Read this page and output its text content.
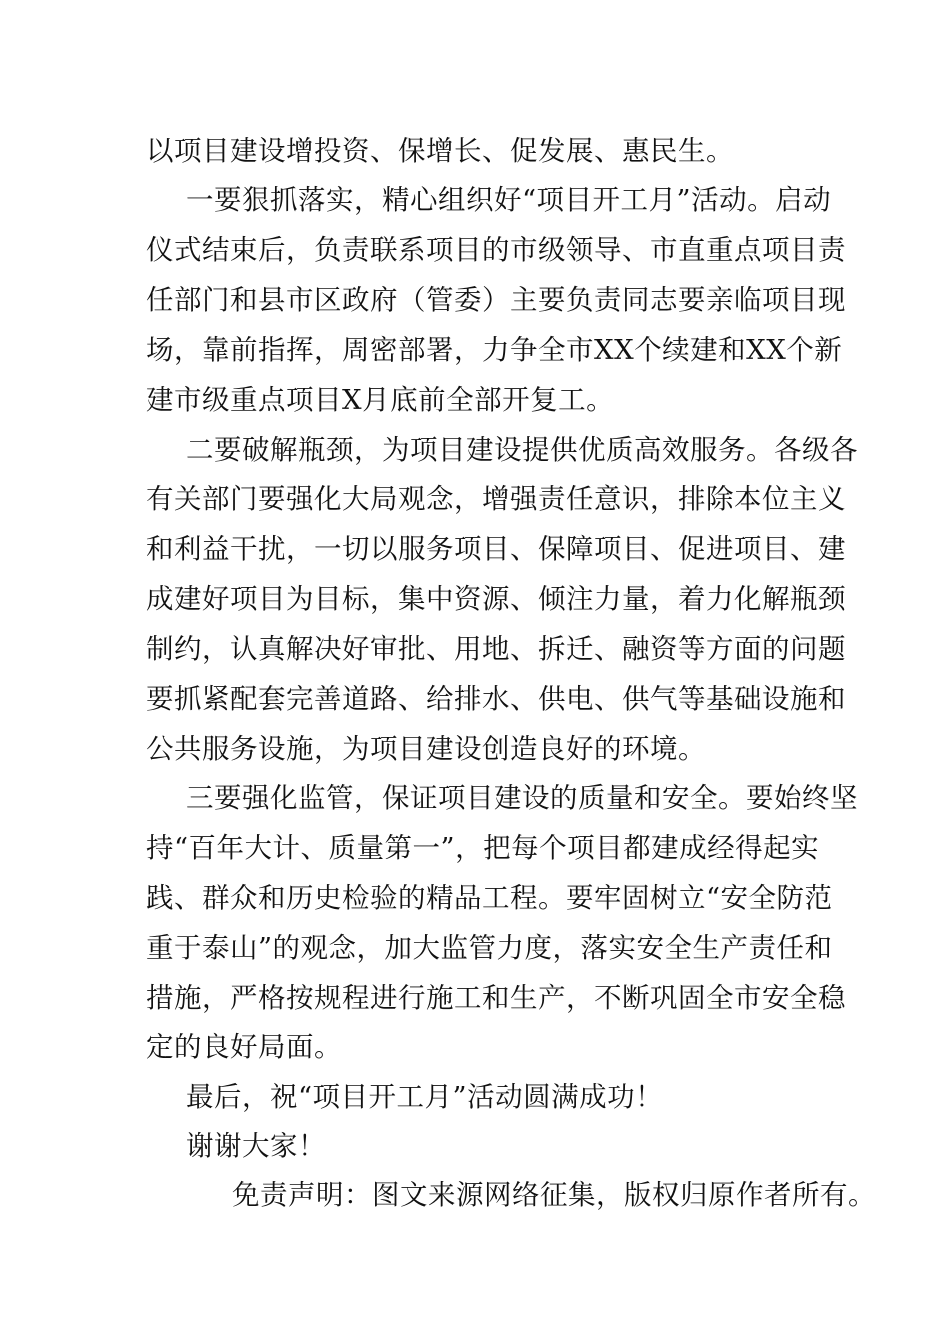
以项目建设增投资、保增长、促发展、惠民生。

一要狠抓落实，精心组织好“项目开工月”活动。启动

仪式结束后，负责联系项目的市级领导、市直重点项目责

任部门和县市区政府（管委）主要负责同志要亲临项目现

场，靠前指挥，周密部署，力争全市XX个续建和XX个新

建市级重点项目X月底前全部开复工。

二要破解瓶颈，为项目建设提供优质高效服务。各级各

有关部门要强化大局观念，增强责任意识，排除本位主义

和利益干扰，一切以服务项目、保障项目、促进项目、建

成建好项目为目标，集中资源、倾注力量，着力化解瓶颈

制约，认真解决好审批、用地、拆迁、融资等方面的问题

要抓紧配套完善道路、给排水、供电、供气等基础设施和

公共服务设施，为项目建设创造良好的环境。

三要强化监管，保证项目建设的质量和安全。要始终坚

持“百年大计、质量第一”，把每个项目都建成经得起实

践、群众和历史检验的精品工程。要牢固树立“安全防范

重于泰山”的观念，加大监管力度，落实安全生产责任和

措施，严格按规程进行施工和生产，不断巩固全市安全稳

定的良好局面。

最后，祝“项目开工月”活动圆满成功！

谢谢大家！

免责声明：图文来源网络征集，版权归原作者所有。
